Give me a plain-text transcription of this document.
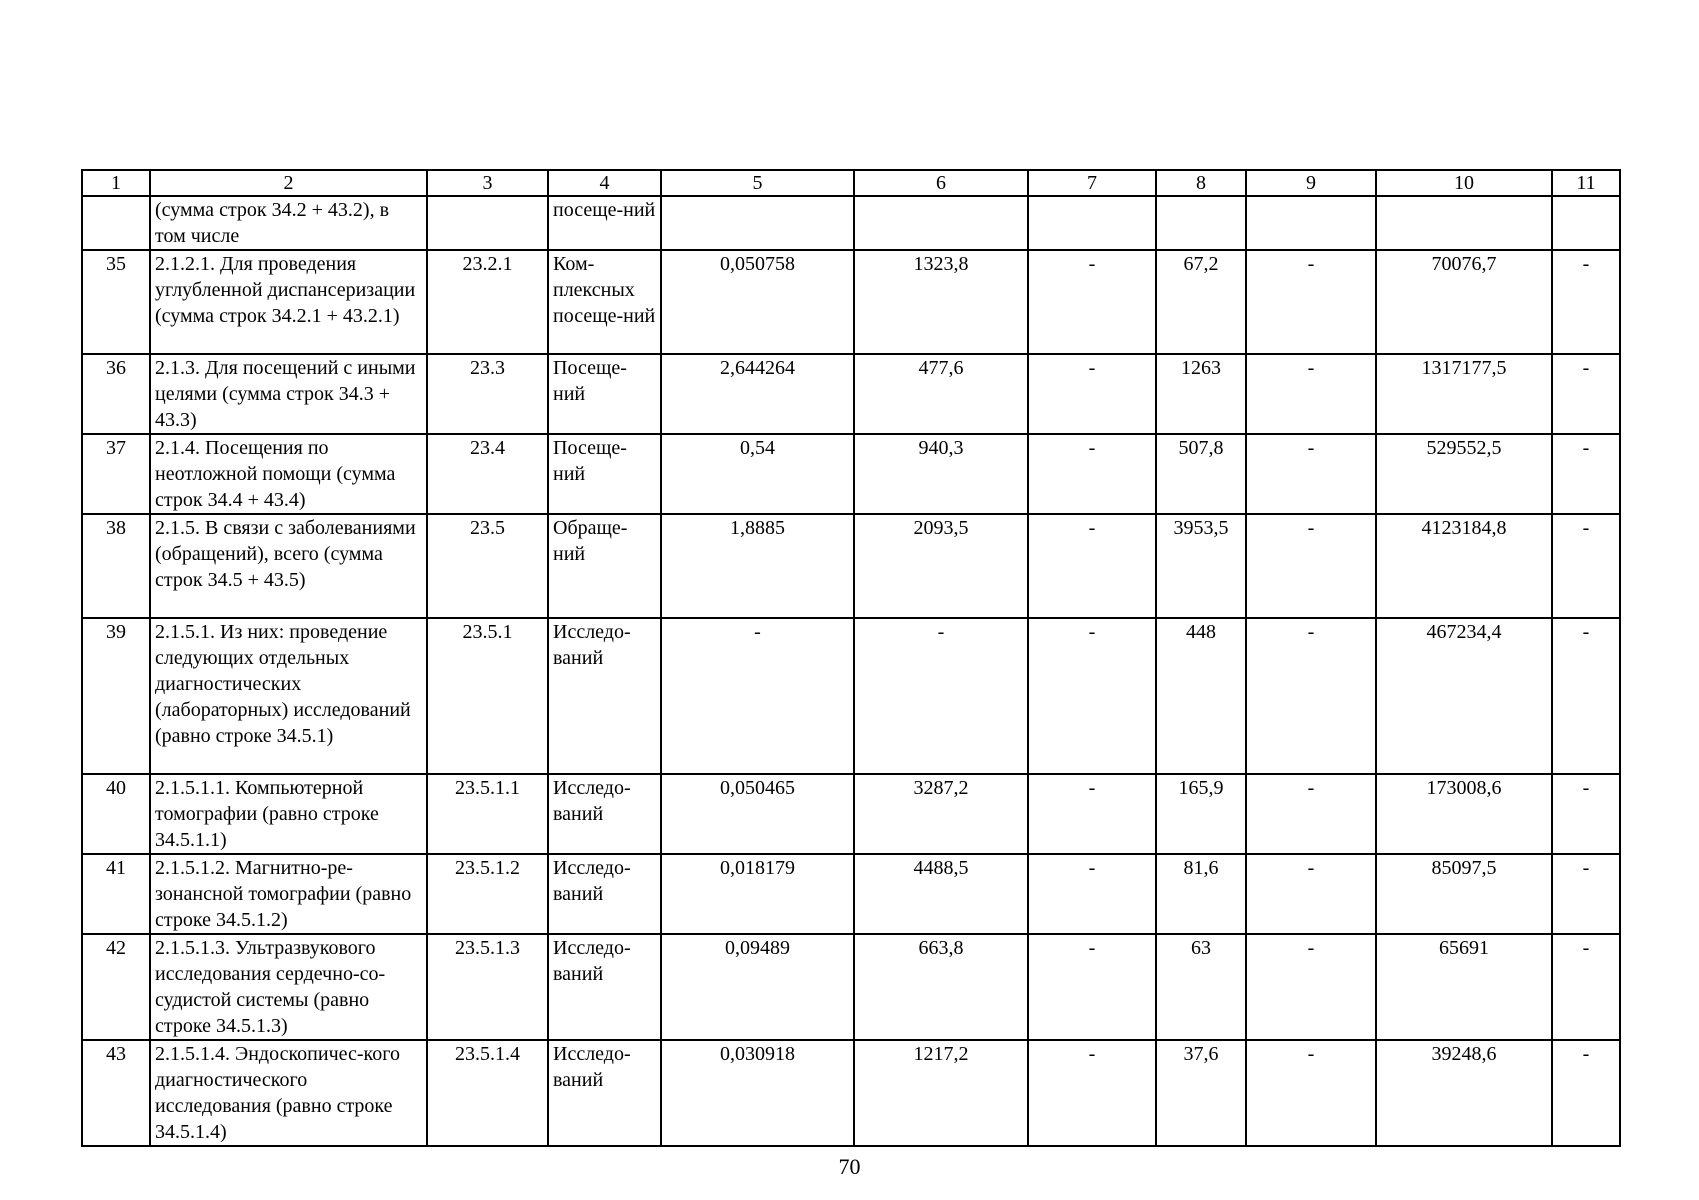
1	2	3	4	5	6	7	8	9	10	11
	(сумма строк 34.2 + 43.2), в том числе		посеще-ний							
35	2.1.2.1. Для проведения углубленной диспансеризации (сумма строк 34.2.1 + 43.2.1)	23.2.1	Ком-плексных посеще-ний	0,050758	1323,8	-	67,2	-	70076,7	-
36	2.1.3. Для посещений с иными целями (сумма строк 34.3 + 43.3)	23.3	Посеще-ний	2,644264	477,6	-	1263	-	1317177,5	-
37	2.1.4. Посещения по неотложной помощи (сумма строк 34.4 + 43.4)	23.4	Посеще-ний	0,54	940,3	-	507,8	-	529552,5	-
38	2.1.5. В связи с заболеваниями (обращений), всего (сумма строк 34.5 + 43.5)	23.5	Обраще-ний	1,8885	2093,5	-	3953,5	-	4123184,8	-
39	2.1.5.1. Из них: проведение следующих отдельных диагностических (лабораторных) исследований (равно строке 34.5.1)	23.5.1	Исследо-ваний	-	-	-	448	-	467234,4	-
40	2.1.5.1.1. Компьютерной томографии (равно строке 34.5.1.1)	23.5.1.1	Исследо-ваний	0,050465	3287,2	-	165,9	-	173008,6	-
41	2.1.5.1.2. Магнитно-ре-зонансной томографии (равно строке 34.5.1.2)	23.5.1.2	Исследо-ваний	0,018179	4488,5	-	81,6	-	85097,5	-
42	2.1.5.1.3. Ультразвукового исследования сердечно-со-судистой системы (равно строке 34.5.1.3)	23.5.1.3	Исследо-ваний	0,09489	663,8	-	63	-	65691	-
43	2.1.5.1.4. Эндоскопичес-кого диагностического исследования (равно строке 34.5.1.4)	23.5.1.4	Исследо-ваний	0,030918	1217,2	-	37,6	-	39248,6	-
70
